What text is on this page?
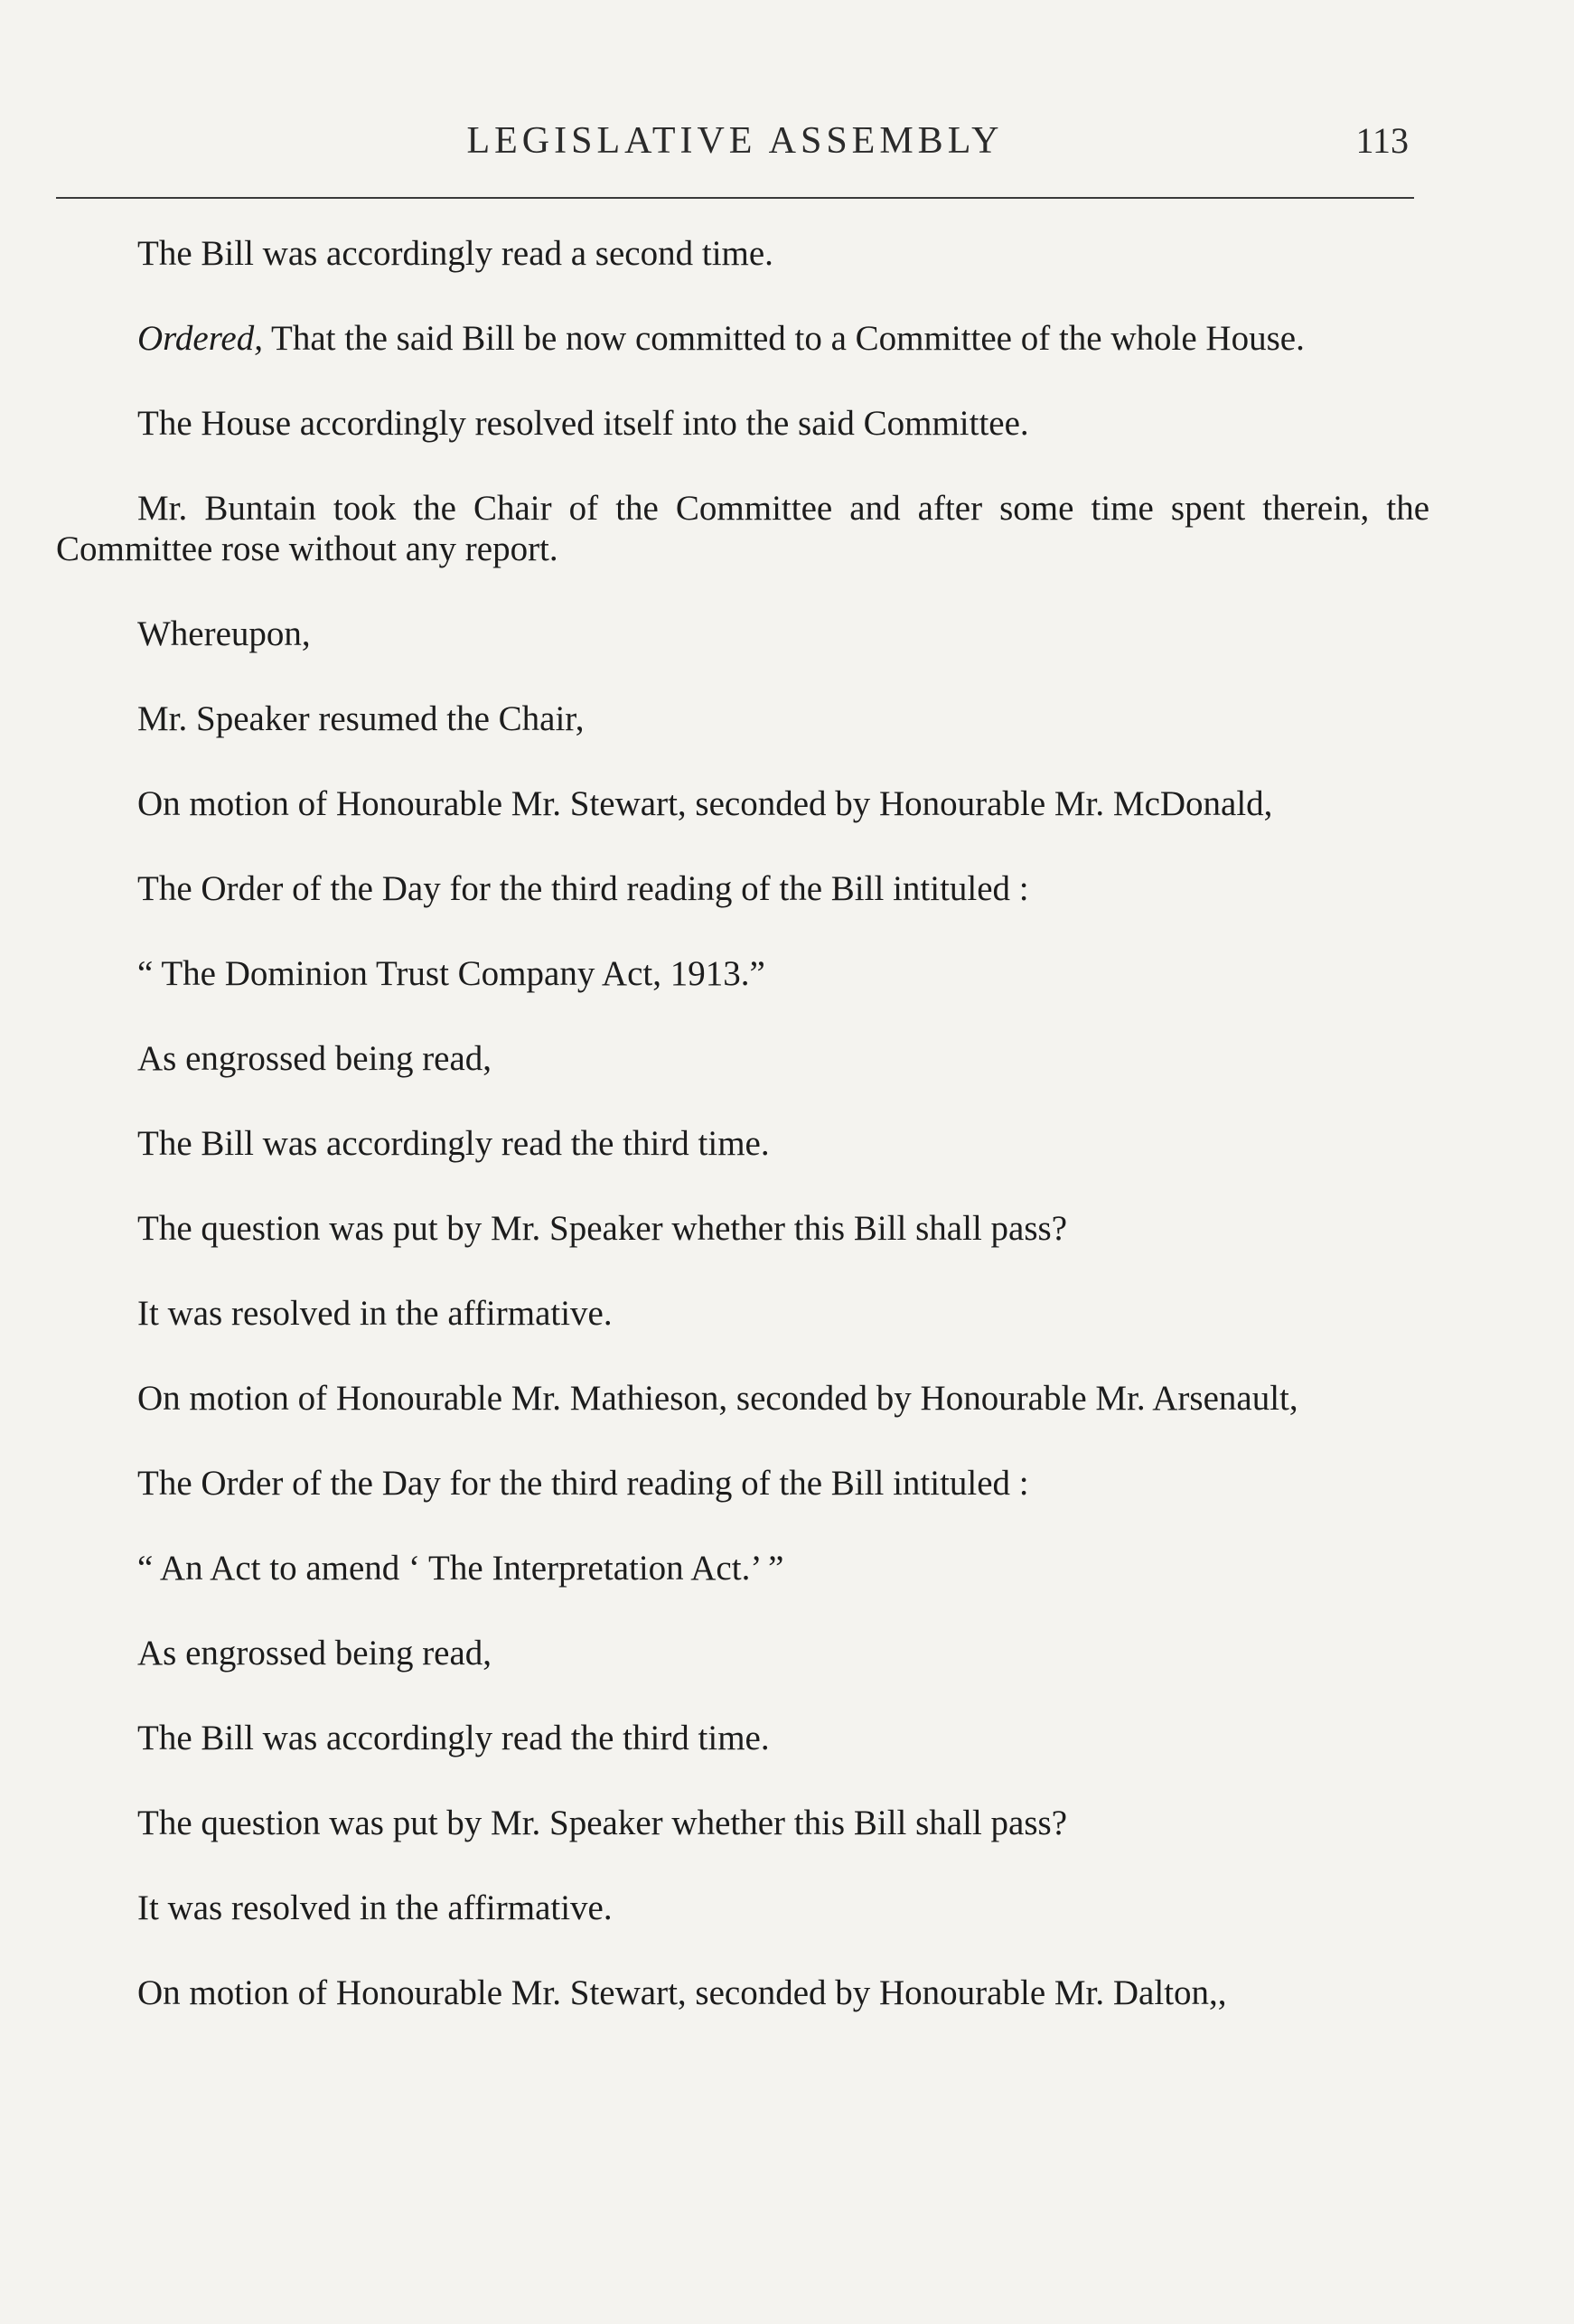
LEGISLATIVE ASSEMBLY	113

The Bill was accordingly read a second time.

Ordered, That the said Bill be now committed to a Committee of the whole House.

The House accordingly resolved itself into the said Committee.

Mr. Buntain took the Chair of the Committee and after some time spent therein, the Committee rose without any report.

Whereupon,

Mr. Speaker resumed the Chair,

On motion of Honourable Mr. Stewart, seconded by Honourable Mr. McDonald,

The Order of the Day for the third reading of the Bill intituled :

“ The Dominion Trust Company Act, 1913.”

As engrossed being read,

The Bill was accordingly read the third time.

The question was put by Mr. Speaker whether this Bill shall pass?

It was resolved in the affirmative.

On motion of Honourable Mr. Mathieson, seconded by Honourable Mr. Arsenault,

The Order of the Day for the third reading of the Bill intituled :

“ An Act to amend ‘ The Interpretation Act.’ ”

As engrossed being read,

The Bill was accordingly read the third time.

The question was put by Mr. Speaker whether this Bill shall pass?

It was resolved in the affirmative.

On motion of Honourable Mr. Stewart, seconded by Honourable Mr. Dalton,,
